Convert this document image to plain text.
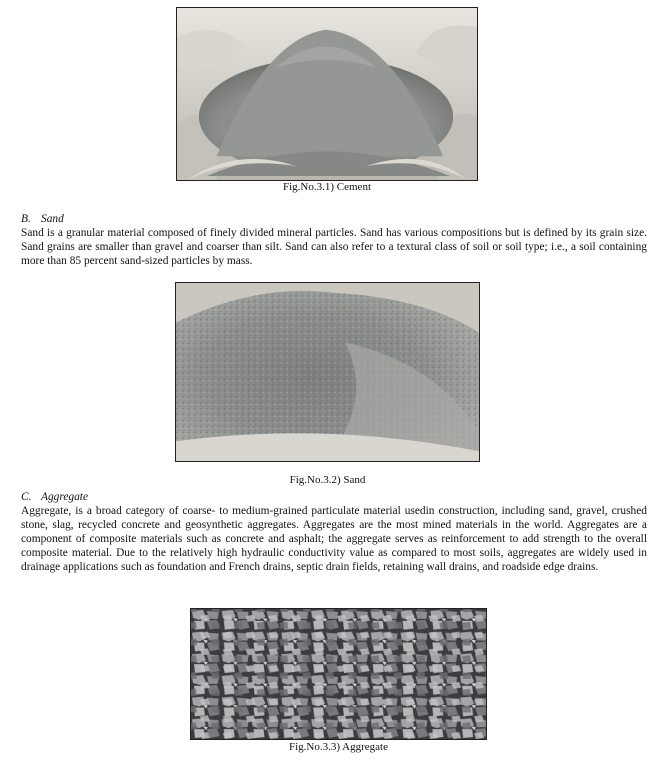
Fig.No.3.1) Cement
B. Sand
Sand is a granular material composed of finely divided mineral particles. Sand has various compositions but is defined by its grain size. Sand grains are smaller than gravel and coarser than silt. Sand can also refer to a textural class of soil or soil type; i.e., a soil containing more than 85 percent sand-sized particles by mass.
Fig.No.3.2) Sand
C. Aggregate
Aggregate, is a broad category of coarse- to medium-grained particulate material usedin construction, including sand, gravel, crushed stone, slag, recycled concrete and geosynthetic aggregates. Aggregates are the most mined materials in the world. Aggregates are a component of composite materials such as concrete and asphalt; the aggregate serves as reinforcement to add strength to the overall composite material. Due to the relatively high hydraulic conductivity value as compared to most soils, aggregates are widely used in drainage applications such as foundation and French drains, septic drain fields, retaining wall drains, and roadside edge drains.
Fig.No.3.3) Aggregate
